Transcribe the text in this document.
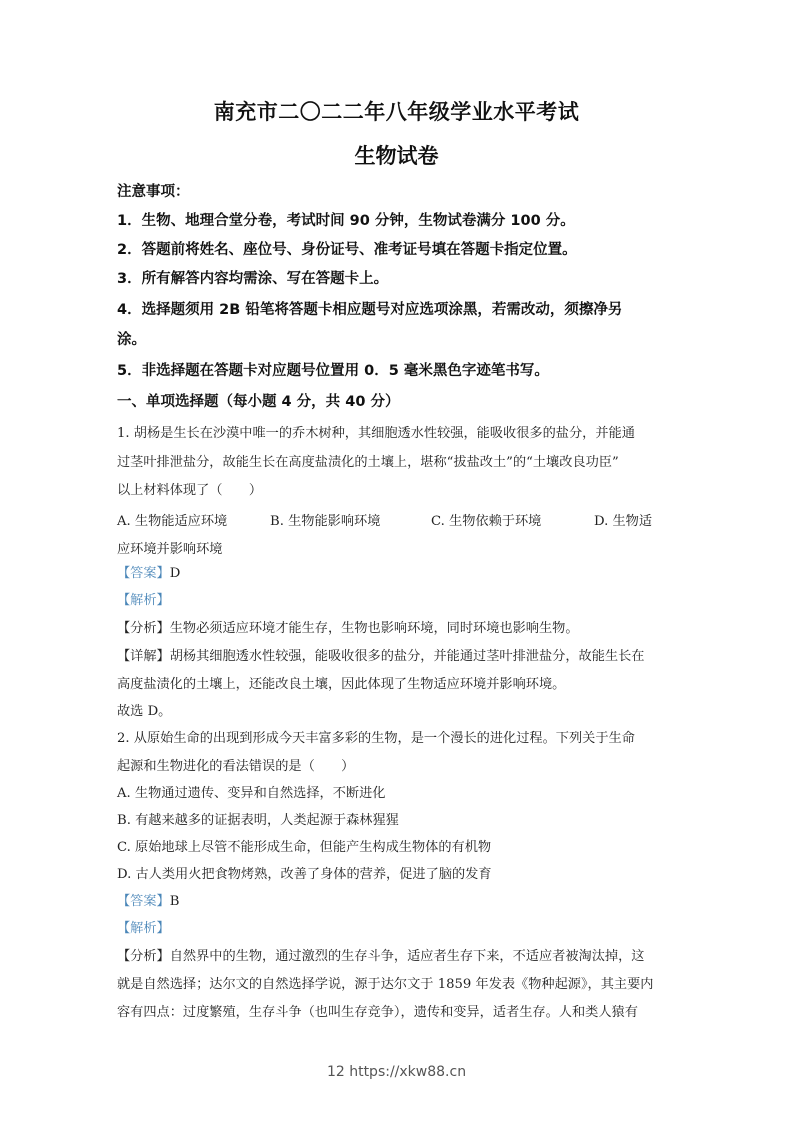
南充市二〇二二年八年级学业水平考试
生物试卷
注意事项：
1．生物、地理合堂分卷，考试时间 90 分钟，生物试卷满分 100 分。
2．答题前将姓名、座位号、身份证号、准考证号填在答题卡指定位置。
3．所有解答内容均需涂、写在答题卡上。
4．选择题须用 2B 铅笔将答题卡相应题号对应选项涂黑，若需改动，须擦净另
涂。
5．非选择题在答题卡对应题号位置用 0．5 毫米黑色字迹笔书写。
一、单项选择题（每小题 4 分，共 40 分）
1. 胡杨是生长在沙漠中唯一的乔木树种，其细胞透水性较强，能吸收很多的盐分，并能通
过茎叶排泄盐分，故能生长在高度盐渍化的土壤上，堪称“拔盐改土”的“土壤改良功臣”
以上材料体现了（　　）
A. 生物能适应环境	B. 生物能影响环境	C. 生物依赖于环境	D. 生物适
应环境并影响环境
【答案】D
【解析】
【分析】生物必须适应环境才能生存，生物也影响环境，同时环境也影响生物。
【详解】胡杨其细胞透水性较强，能吸收很多的盐分，并能通过茎叶排泄盐分，故能生长在
高度盐渍化的土壤上，还能改良土壤，因此体现了生物适应环境并影响环境。
故选 D。
2. 从原始生命的出现到形成今天丰富多彩的生物，是一个漫长的进化过程。下列关于生命
起源和生物进化的看法错误的是（　　）
A. 生物通过遗传、变异和自然选择，不断进化
B. 有越来越多的证据表明，人类起源于森林猩猩
C. 原始地球上尽管不能形成生命，但能产生构成生物体的有机物
D. 古人类用火把食物烤熟，改善了身体的营养，促进了脑的发育
【答案】B
【解析】
【分析】自然界中的生物，通过激烈的生存斗争，适应者生存下来，不适应者被淘汰掉，这
就是自然选择；达尔文的自然选择学说，源于达尔文于 1859 年发表《物种起源》，其主要内
容有四点：过度繁殖，生存斗争（也叫生存竞争），遗传和变异，适者生存。人和类人猿有
12 https://xkw88.cn
